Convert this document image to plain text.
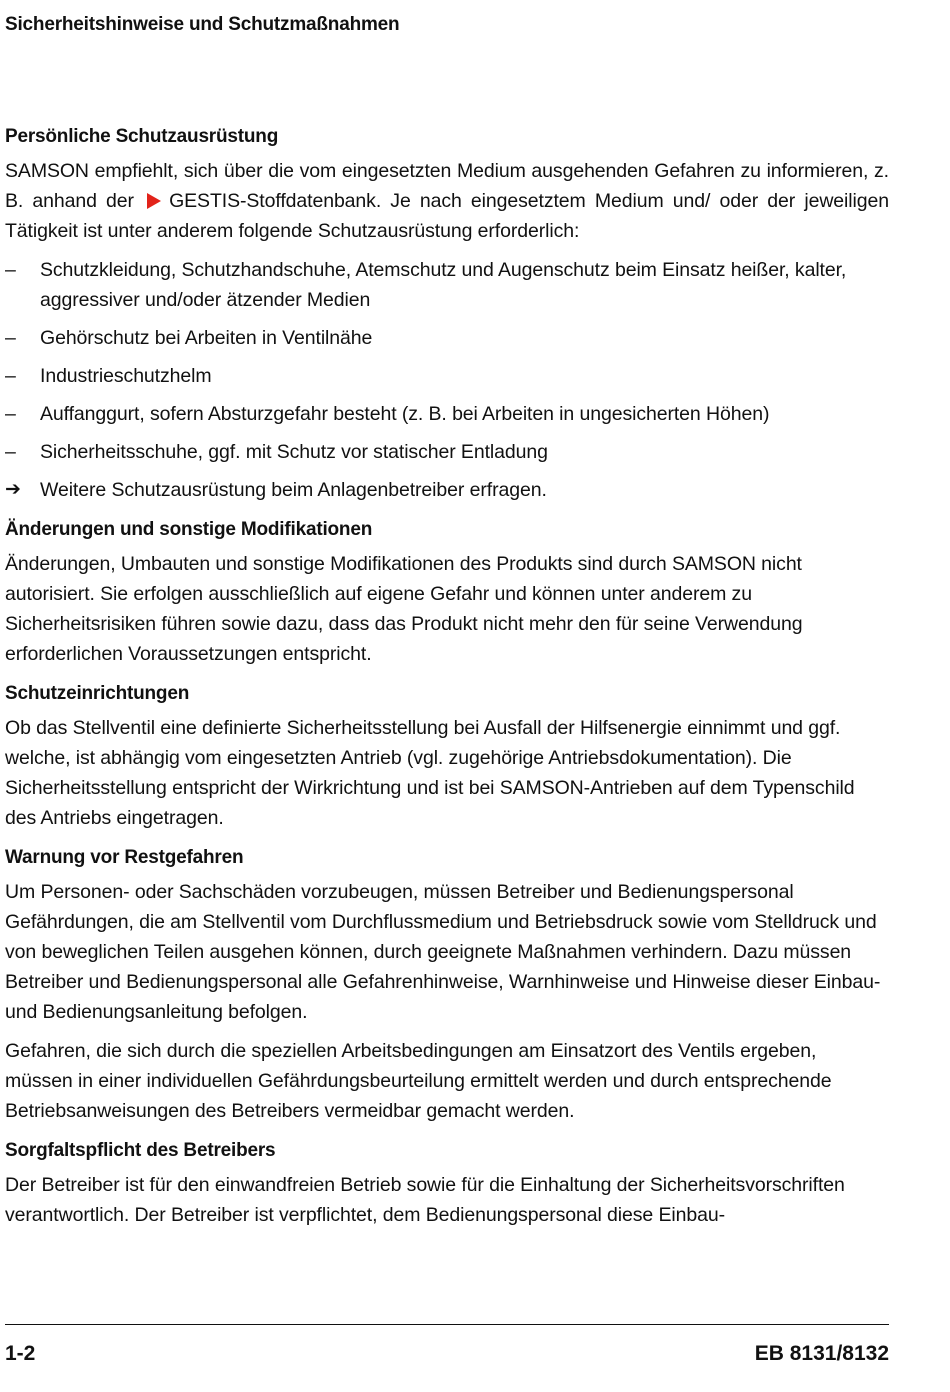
Sicherheitshinweise und Schutzmaßnahmen
Persönliche Schutzausrüstung

SAMSON empfiehlt, sich über die vom eingesetzten Medium ausgehenden Gefahren zu informieren, z. B. anhand der GESTIS-Stoffdatenbank. Je nach eingesetztem Medium und/ oder der jeweiligen Tätigkeit ist unter anderem folgende Schutzausrüstung erforderlich:

–	Schutzkleidung, Schutzhandschuhe, Atemschutz und Augenschutz beim Einsatz heißer, kalter, aggressiver und/oder ätzender Medien
–	Gehörschutz bei Arbeiten in Ventilnähe
–	Industrieschutzhelm
–	Auffanggurt, sofern Absturzgefahr besteht (z. B. bei Arbeiten in ungesicherten Höhen)
–	Sicherheitsschuhe, ggf. mit Schutz vor statischer Entladung
➔ Weitere Schutzausrüstung beim Anlagenbetreiber erfragen.
Änderungen und sonstige Modifikationen

Änderungen, Umbauten und sonstige Modifikationen des Produkts sind durch SAMSON nicht autorisiert. Sie erfolgen ausschließlich auf eigene Gefahr und können unter anderem zu Sicherheitsrisiken führen sowie dazu, dass das Produkt nicht mehr den für seine Verwendung erforderlichen Voraussetzungen entspricht.

Schutzeinrichtungen

Ob das Stellventil eine definierte Sicherheitsstellung bei Ausfall der Hilfsenergie einnimmt und ggf. welche, ist abhängig vom eingesetzten Antrieb (vgl. zugehörige Antriebsdokumentation). Die Sicherheitsstellung entspricht der Wirkrichtung und ist bei SAMSON-Antrieben auf dem Typenschild des Antriebs eingetragen.

Warnung vor Restgefahren

Um Personen- oder Sachschäden vorzubeugen, müssen Betreiber und Bedienungspersonal Gefährdungen, die am Stellventil vom Durchflussmedium und Betriebsdruck sowie vom Stelldruck und von beweglichen Teilen ausgehen können, durch geeignete Maßnahmen verhindern. Dazu müssen Betreiber und Bedienungspersonal alle Gefahrenhinweise, Warnhinweise und Hinweise dieser Einbau- und Bedienungsanleitung befolgen.

Gefahren, die sich durch die speziellen Arbeitsbedingungen am Einsatzort des Ventils ergeben, müssen in einer individuellen Gefährdungsbeurteilung ermittelt werden und durch entsprechende Betriebsanweisungen des Betreibers vermeidbar gemacht werden.

Sorgfaltspflicht des Betreibers

Der Betreiber ist für den einwandfreien Betrieb sowie für die Einhaltung der Sicherheitsvorschriften verantwortlich. Der Betreiber ist verpflichtet, dem Bedienungspersonal diese Einbau-

1-2	EB 8131/8132
